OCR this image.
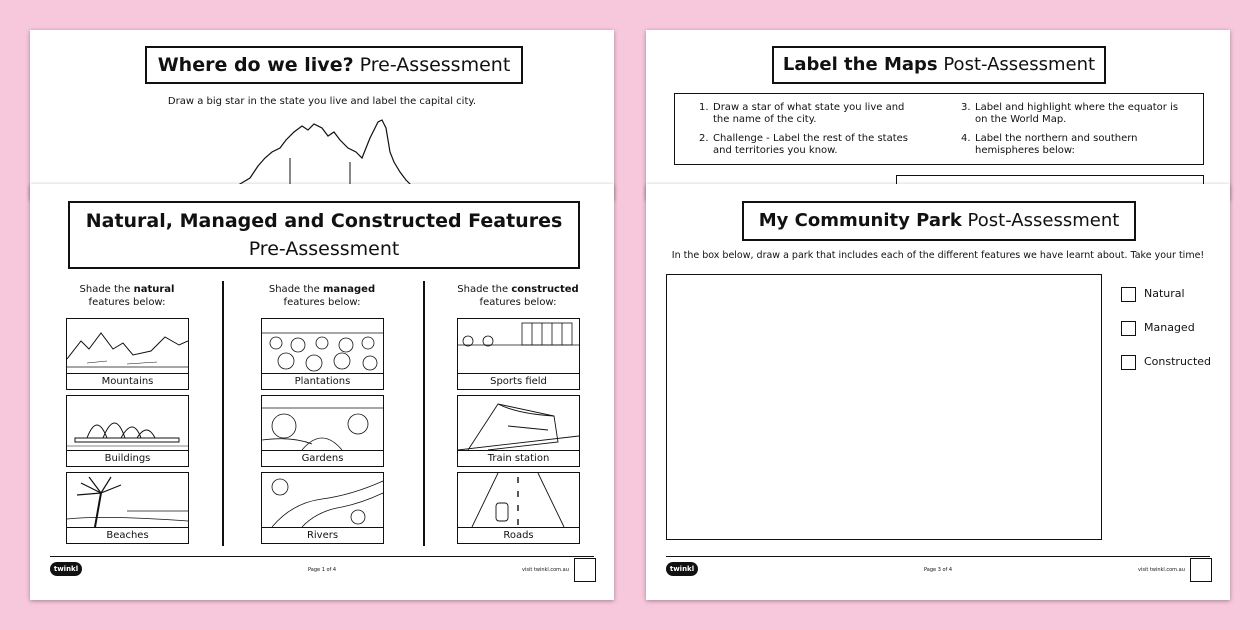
Where do we live? Pre-Assessment
Draw a big star in the state you live and label the capital city.
Label the Maps Post-Assessment
1. Draw a star of what state you live and the name of the city.
2. Challenge - Label the rest of the states and territories you know.
3. Label and highlight where the equator is on the World Map.
4. Label the northern and southern hemispheres below:
Natural, Managed and Constructed Features
Pre-Assessment
Shade the natural
features below:
Shade the managed
features below:
Shade the constructed
features below:
Mountains
Buildings
Beaches
Plantations
Gardens
Rivers
Sports field
Train station
Roads
twinkl	Page 1 of 4	visit twinkl.com.au
My Community Park Post-Assessment
In the box below, draw a park that includes each of the different features we have learnt about. Take your time!
Natural
Managed
Constructed
twinkl	Page 3 of 4	visit twinkl.com.au
